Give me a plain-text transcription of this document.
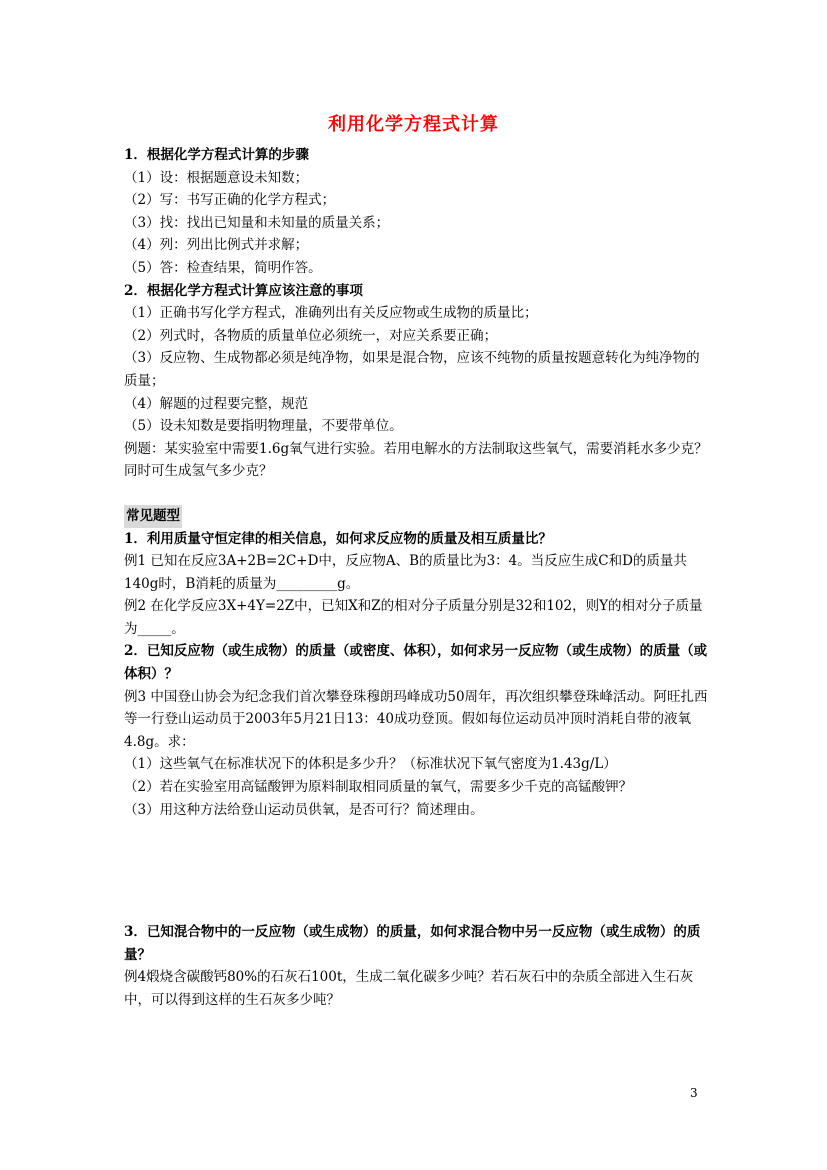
利用化学方程式计算
1．根据化学方程式计算的步骤
（1）设：根据题意设未知数；
（2）写：书写正确的化学方程式；
（3）找：找出已知量和未知量的质量关系；
（4）列：列出比例式并求解；
（5）答：检查结果，简明作答。
2．根据化学方程式计算应该注意的事项
（1）正确书写化学方程式，准确列出有关反应物或生成物的质量比；
（2）列式时，各物质的质量单位必须统一，对应关系要正确；
（3）反应物、生成物都必须是纯净物，如果是混合物，应该不纯物的质量按题意转化为纯净物的质量；
（4）解题的过程要完整，规范
（5）设未知数是要指明物理量，不要带单位。
例题：某实验室中需要1.6g氧气进行实验。若用电解水的方法制取这些氧气，需要消耗水多少克？同时可生成氢气多少克？
常见题型
1．利用质量守恒定律的相关信息，如何求反应物的质量及相互质量比？
例1 已知在反应3A+2B=2C+D中，反应物A、B的质量比为3：4。当反应生成C和D的质量共140g时，B消耗的质量为_________g。
例2 在化学反应3X+4Y=2Z中，已知X和Z的相对分子质量分别是32和102，则Y的相对分子质量为_____。
2．已知反应物（或生成物）的质量（或密度、体积），如何求另一反应物（或生成物）的质量（或体积）？
例3 中国登山协会为纪念我们首次攀登珠穆朗玛峰成功50周年，再次组织攀登珠峰活动。阿旺扎西等一行登山运动员于2003年5月21日13：40成功登顶。假如每位运动员冲顶时消耗自带的液氧4.8g。求：
（1）这些氧气在标准状况下的体积是多少升？（标准状况下氧气密度为1.43g/L）
（2）若在实验室用高锰酸钾为原料制取相同质量的氧气，需要多少千克的高锰酸钾？
（3）用这种方法给登山运动员供氧，是否可行？简述理由。
3．已知混合物中的一反应物（或生成物）的质量，如何求混合物中另一反应物（或生成物）的质量？
例4煅烧含碳酸钙80%的石灰石100t，生成二氧化碳多少吨？若石灰石中的杂质全部进入生石灰中，可以得到这样的生石灰多少吨？
3
